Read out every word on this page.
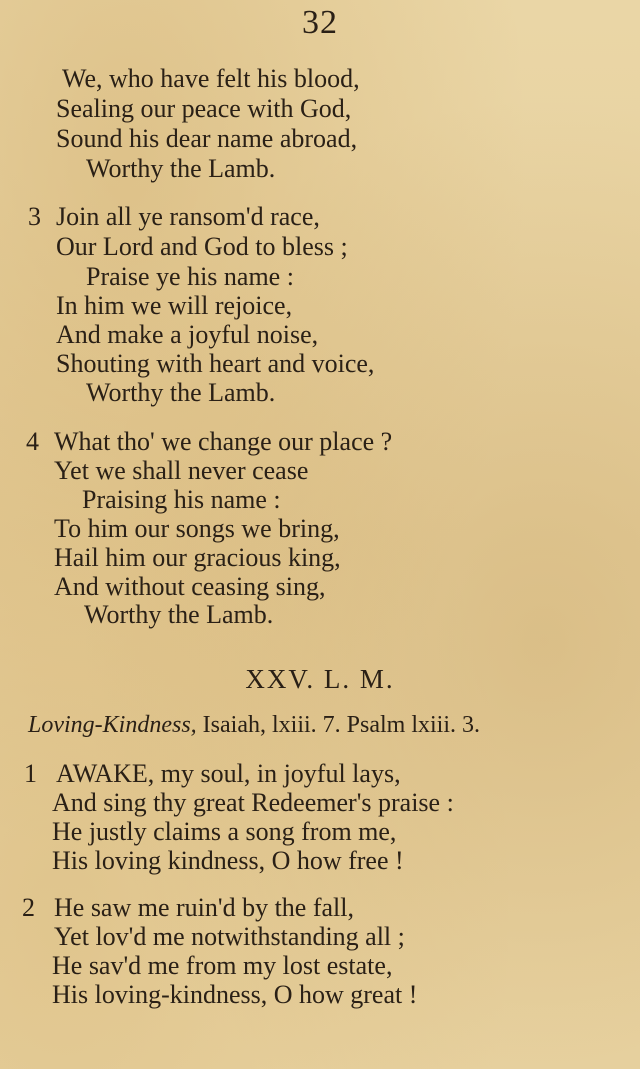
32
We, who have felt his blood,
Sealing our peace with God,
Sound his dear name abroad,
Worthy the Lamb.
3 Join all ye ransom'd race,
Our Lord and God to bless ;
Praise ye his name :
In him we will rejoice,
And make a joyful noise,
Shouting with heart and voice,
Worthy the Lamb.
4 What tho' we change our place ?
Yet we shall never cease
Praising his name :
To him our songs we bring,
Hail him our gracious king,
And without ceasing sing,
Worthy the Lamb.
XXV. L. M.
Loving-Kindness, Isaiah, lxiii. 7. Psalm lxiii. 3.
1 AWAKE, my soul, in joyful lays,
And sing thy great Redeemer's praise :
He justly claims a song from me,
His loving kindness, O how free !
2 He saw me ruin'd by the fall,
Yet lov'd me notwithstanding all ;
He sav'd me from my lost estate,
His loving-kindness, O how great !
